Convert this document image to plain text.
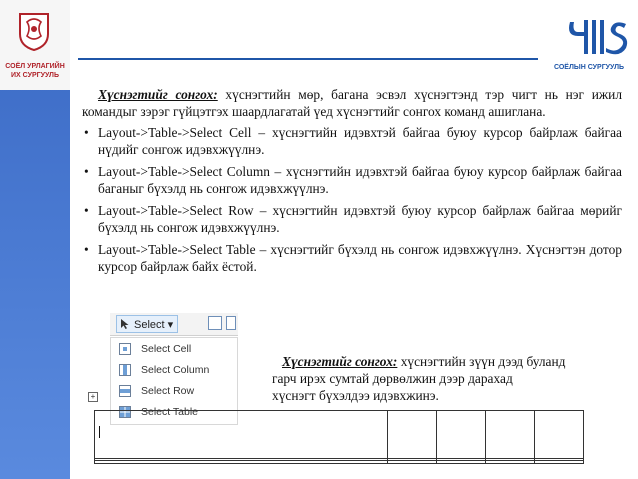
СОЁЛ УРЛАГИЙН
ИХ СУРГУУЛЬ
СОЁЛЫН СУРГУУЛЬ

Хүснэгтийг сонгох: хүснэгтийн мөр, багана эсвэл хүснэгтэнд тэр чигт нь нэг ижил командыг зэрэг гүйцэтгэх шаардлагатай үед хүснэгтийг сонгох команд ашиглана.

• Layout->Table->Select Cell – хүснэгтийн идэвхтэй байгаа буюу курсор байрлаж байгаа нүдийг сонгож идэвхжүүлнэ.
• Layout->Table->Select Column – хүснэгтийн идэвхтэй байгаа буюу курсор байрлаж байгаа баганыг бүхэлд нь сонгож идэвхжүүлнэ.
• Layout->Table->Select Row – хүснэгтийн идэвхтэй буюу курсор байрлаж байгаа мөрийг бүхэлд нь сонгож идэвхжүүлнэ.
• Layout->Table->Select Table – хүснэгтийг бүхэлд нь сонгож идэвхжүүлнэ. Хүснэгтэн дотор курсор байрлаж байх ёстой.
Select ▾
Select Cell
Select Column
Select Row
Select Table

Хүснэгтийг сонгох: хүснэгтийн зүүн дээд буланд

гарч ирэх сумтай дөрвөлжин дээр дарахад

хүснэгт бүхэлдээ идэвхжинэ.

+
